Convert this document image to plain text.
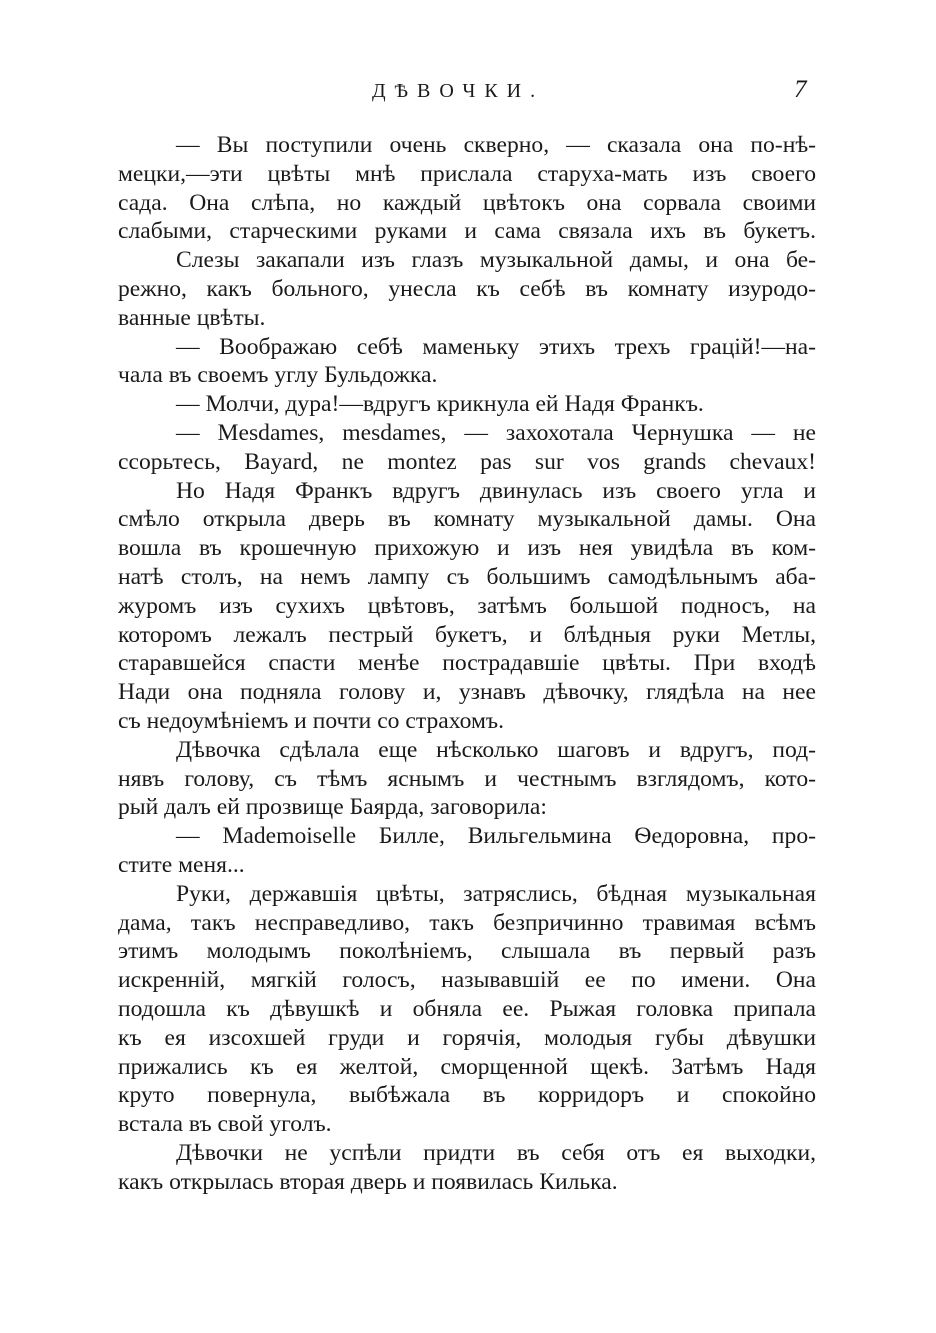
ДѢВОЧКИ.	7

— Вы поступили очень скверно, — сказала она по-нѣ-
мецки,—эти цвѣты мнѣ прислала старуха-мать изъ своего
сада. Она слѣпа, но каждый цвѣтокъ она сорвала своими
слабыми, старческими руками и сама связала ихъ въ букетъ.

Слезы закапали изъ глазъ музыкальной дамы, и она бе-
режно, какъ больного, унесла къ себѣ въ комнату изуродо-
ванные цвѣты.

— Воображаю себѣ маменьку этихъ трехъ грацій!—на-
чала въ своемъ углу Бульдожка.

— Молчи, дура!—вдругъ крикнула ей Надя Франкъ.

— Mesdames, mesdames, — захохотала Чернушка — не
ссорьтесь, Bayard, ne montez pas sur vos grands chevaux!

Но Надя Франкъ вдругъ двинулась изъ своего угла и
смѣло открыла дверь въ комнату музыкальной дамы. Она
вошла въ крошечную прихожую и изъ нея увидѣла въ ком-
натѣ столъ, на немъ лампу съ большимъ самодѣльнымъ аба-
журомъ изъ сухихъ цвѣтовъ, затѣмъ большой подносъ, на
которомъ лежалъ пестрый букетъ, и блѣдныя руки Метлы,
старавшейся спасти менѣе пострадавшіе цвѣты. При входѣ
Нади она подняла голову и, узнавъ дѣвочку, глядѣла на нее
съ недоумѣніемъ и почти со страхомъ.

Дѣвочка сдѣлала еще нѣсколько шаговъ и вдругъ, под-
нявъ голову, съ тѣмъ яснымъ и честнымъ взглядомъ, кото-
рый далъ ей прозвище Баярда, заговорила:

— Mademoiselle Билле, Вильгельмина Ѳедоровна, про-
стите меня...

Руки, державшія цвѣты, затряслись, бѣдная музыкальная
дама, такъ несправедливо, такъ безпричинно травимая всѣмъ
этимъ молодымъ поколѣніемъ, слышала въ первый разъ
искренній, мягкій голосъ, называвшій ее по имени. Она
подошла къ дѣвушкѣ и обняла ее. Рыжая головка припала
къ ея изсохшей груди и горячія, молодыя губы дѣвушки
прижались къ ея желтой, сморщенной щекѣ. Затѣмъ Надя
круто повернула, выбѣжала въ корридоръ и спокойно
встала въ свой уголъ.

Дѣвочки не успѣли придти въ себя отъ ея выходки,
какъ открылась вторая дверь и появилась Килька.
